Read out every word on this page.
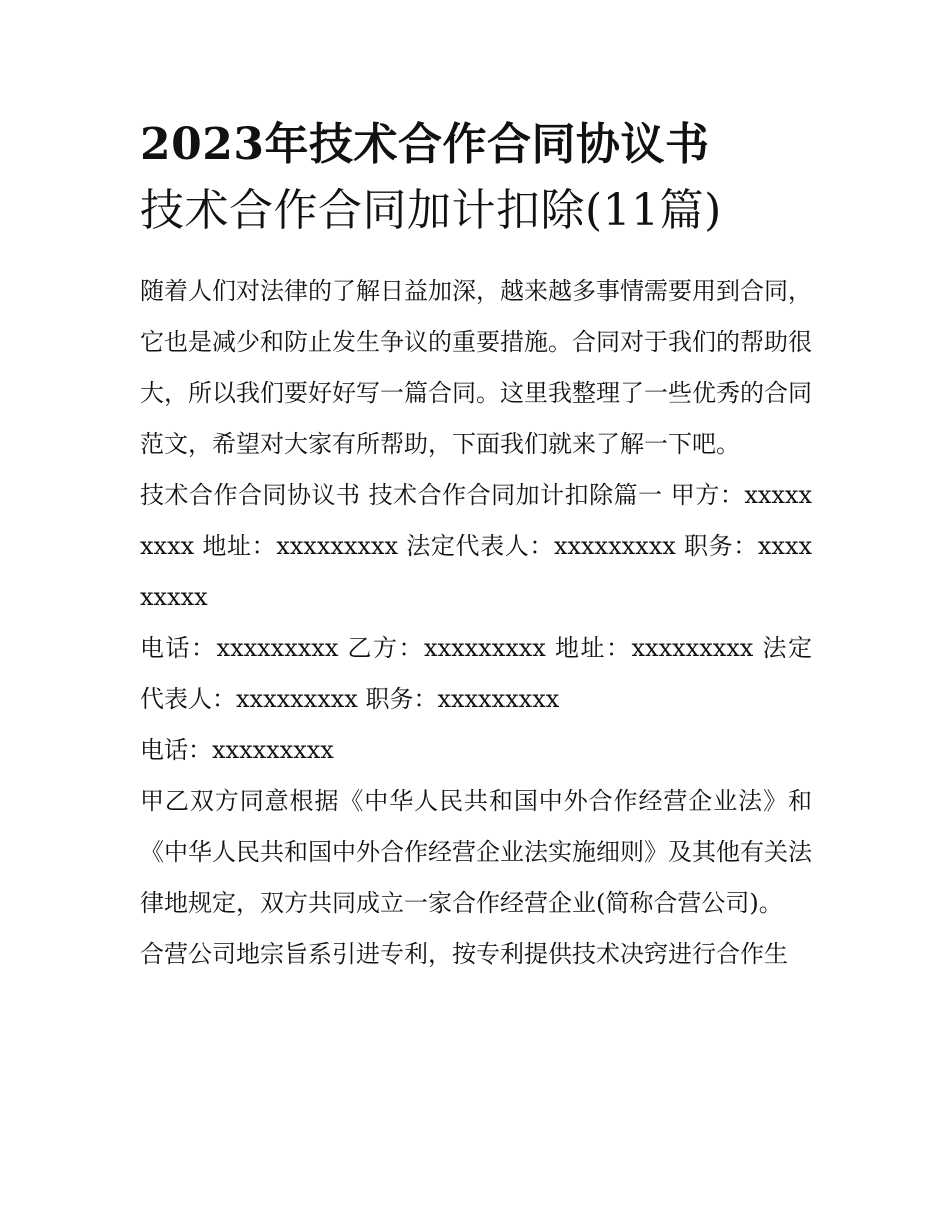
2023年技术合作合同协议书
技术合作合同加计扣除(11篇)

随着人们对法律的了解日益加深，越来越多事情需要用到合同，它也是减少和防止发生争议的重要措施。合同对于我们的帮助很大，所以我们要好好写一篇合同。这里我整理了一些优秀的合同范文，希望对大家有所帮助，下面我们就来了解一下吧。

技术合作合同协议书 技术合作合同加计扣除篇一 甲方：xxxxxxxxx 地址：xxxxxxxxx 法定代表人：xxxxxxxxx 职务：xxxxxxxxx

电话：xxxxxxxxx 乙方：xxxxxxxxx 地址：xxxxxxxxx 法定代表人：xxxxxxxxx 职务：xxxxxxxxx

电话：xxxxxxxxx

甲乙双方同意根据《中华人民共和国中外合作经营企业法》和《中华人民共和国中外合作经营企业法实施细则》及其他有关法律地规定，双方共同成立一家合作经营企业(简称合营公司)。

合营公司地宗旨系引进专利，按专利提供技术决窍进行合作生
